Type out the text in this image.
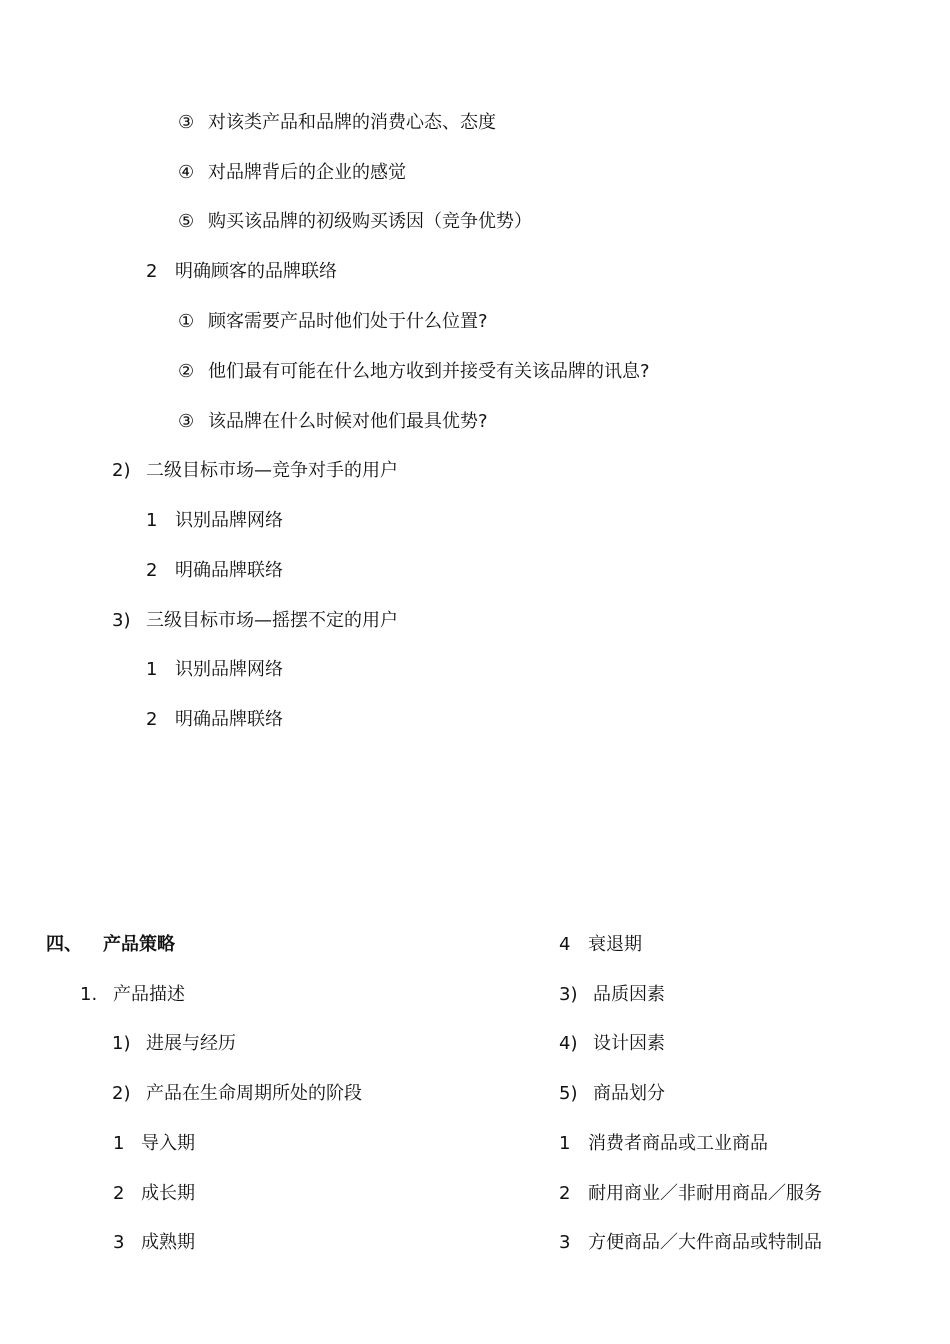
③ 对该类产品和品牌的消费心态、态度
④ 对品牌背后的企业的感觉
⑤ 购买该品牌的初级购买诱因（竞争优势）
2 明确顾客的品牌联络
① 顾客需要产品时他们处于什么位置?
② 他们最有可能在什么地方收到并接受有关该品牌的讯息?
③ 该品牌在什么时候对他们最具优势?
2) 二级目标市场—竞争对手的用户
1 识别品牌网络
2 明确品牌联络
3) 三级目标市场—摇摆不定的用户
1 识别品牌网络
2 明确品牌联络
四、 产品策略
1. 产品描述
1) 进展与经历
2) 产品在生命周期所处的阶段
1 导入期
2 成长期
3 成熟期
4 衰退期
3) 品质因素
4) 设计因素
5) 商品划分
1 消费者商品或工业商品
2 耐用商业／非耐用商品／服务
3 方便商品／大件商品或特制品
